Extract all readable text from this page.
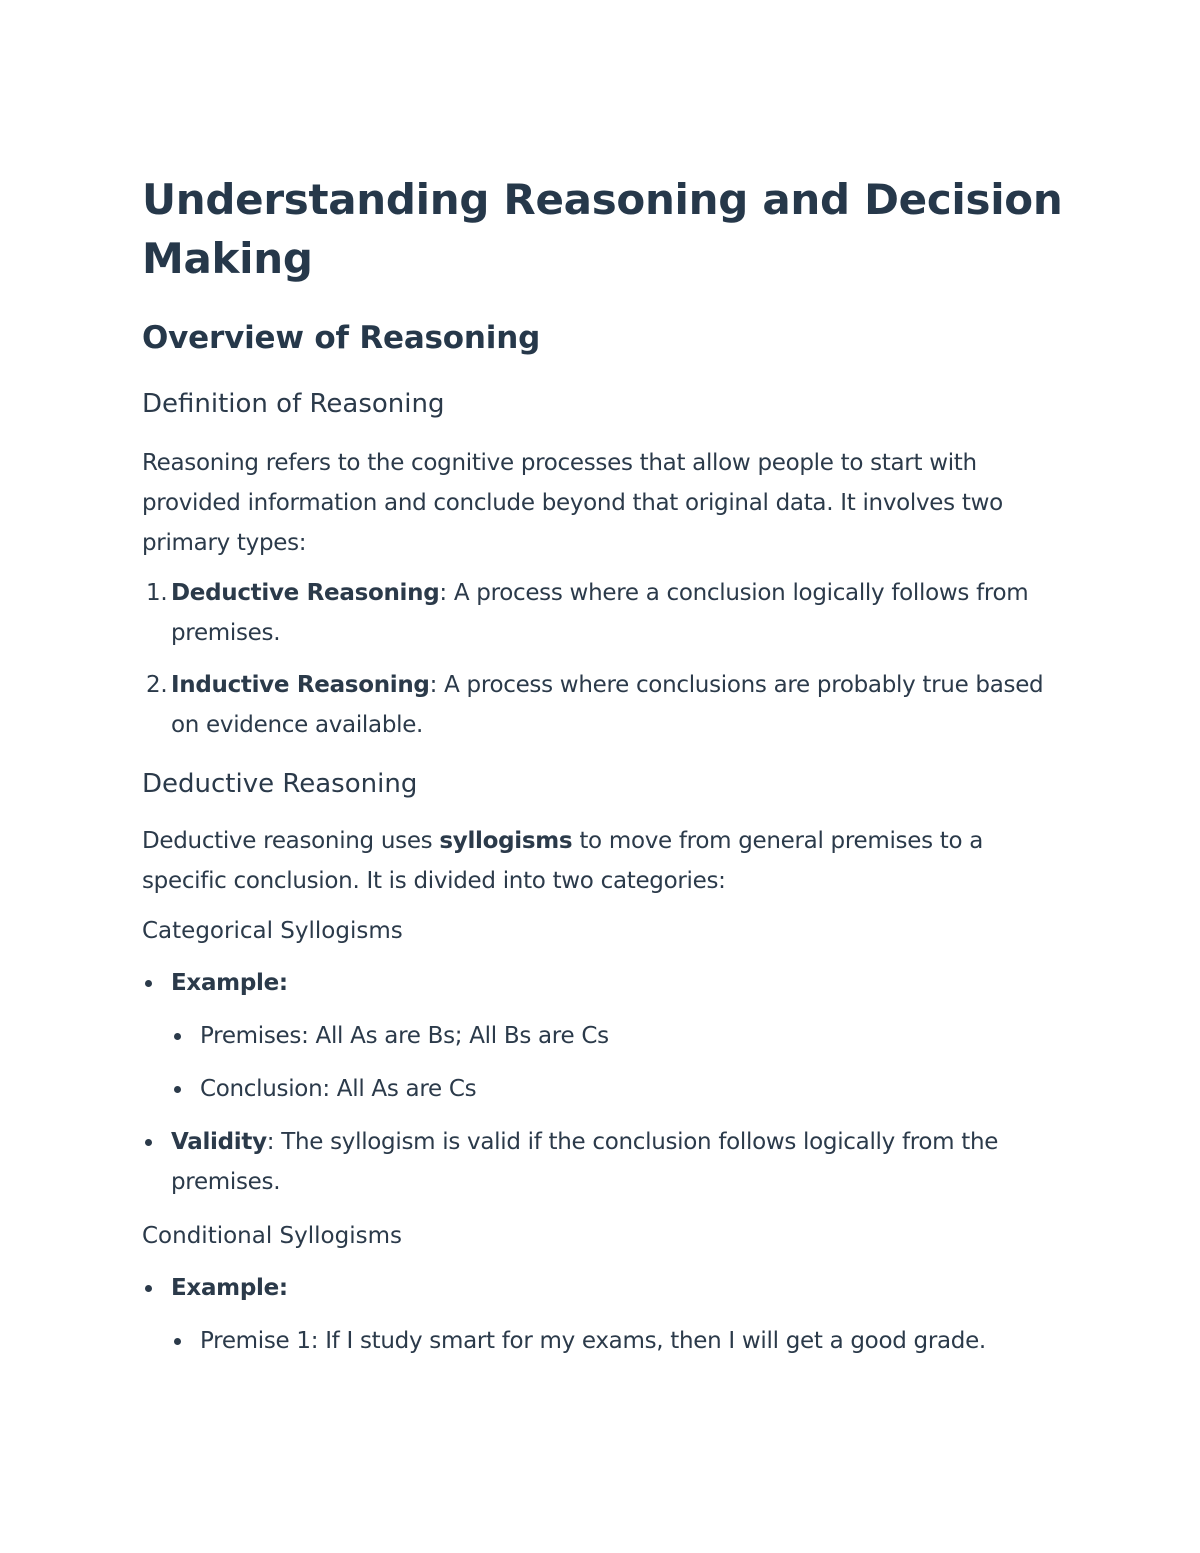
Understanding Reasoning and Decision Making
Overview of Reasoning
Definition of Reasoning

Reasoning refers to the cognitive processes that allow people to start with provided information and conclude beyond that original data. It involves two primary types:

1. Deductive Reasoning: A process where a conclusion logically follows from premises.
2. Inductive Reasoning: A process where conclusions are probably true based on evidence available.
Deductive Reasoning

Deductive reasoning uses syllogisms to move from general premises to a specific conclusion. It is divided into two categories:

Categorical Syllogisms
Example:
Premises: All As are Bs; All Bs are Cs
Conclusion: All As are Cs
Validity: The syllogism is valid if the conclusion follows logically from the premises.
Conditional Syllogisms
Example:
Premise 1: If I study smart for my exams, then I will get a good grade.
